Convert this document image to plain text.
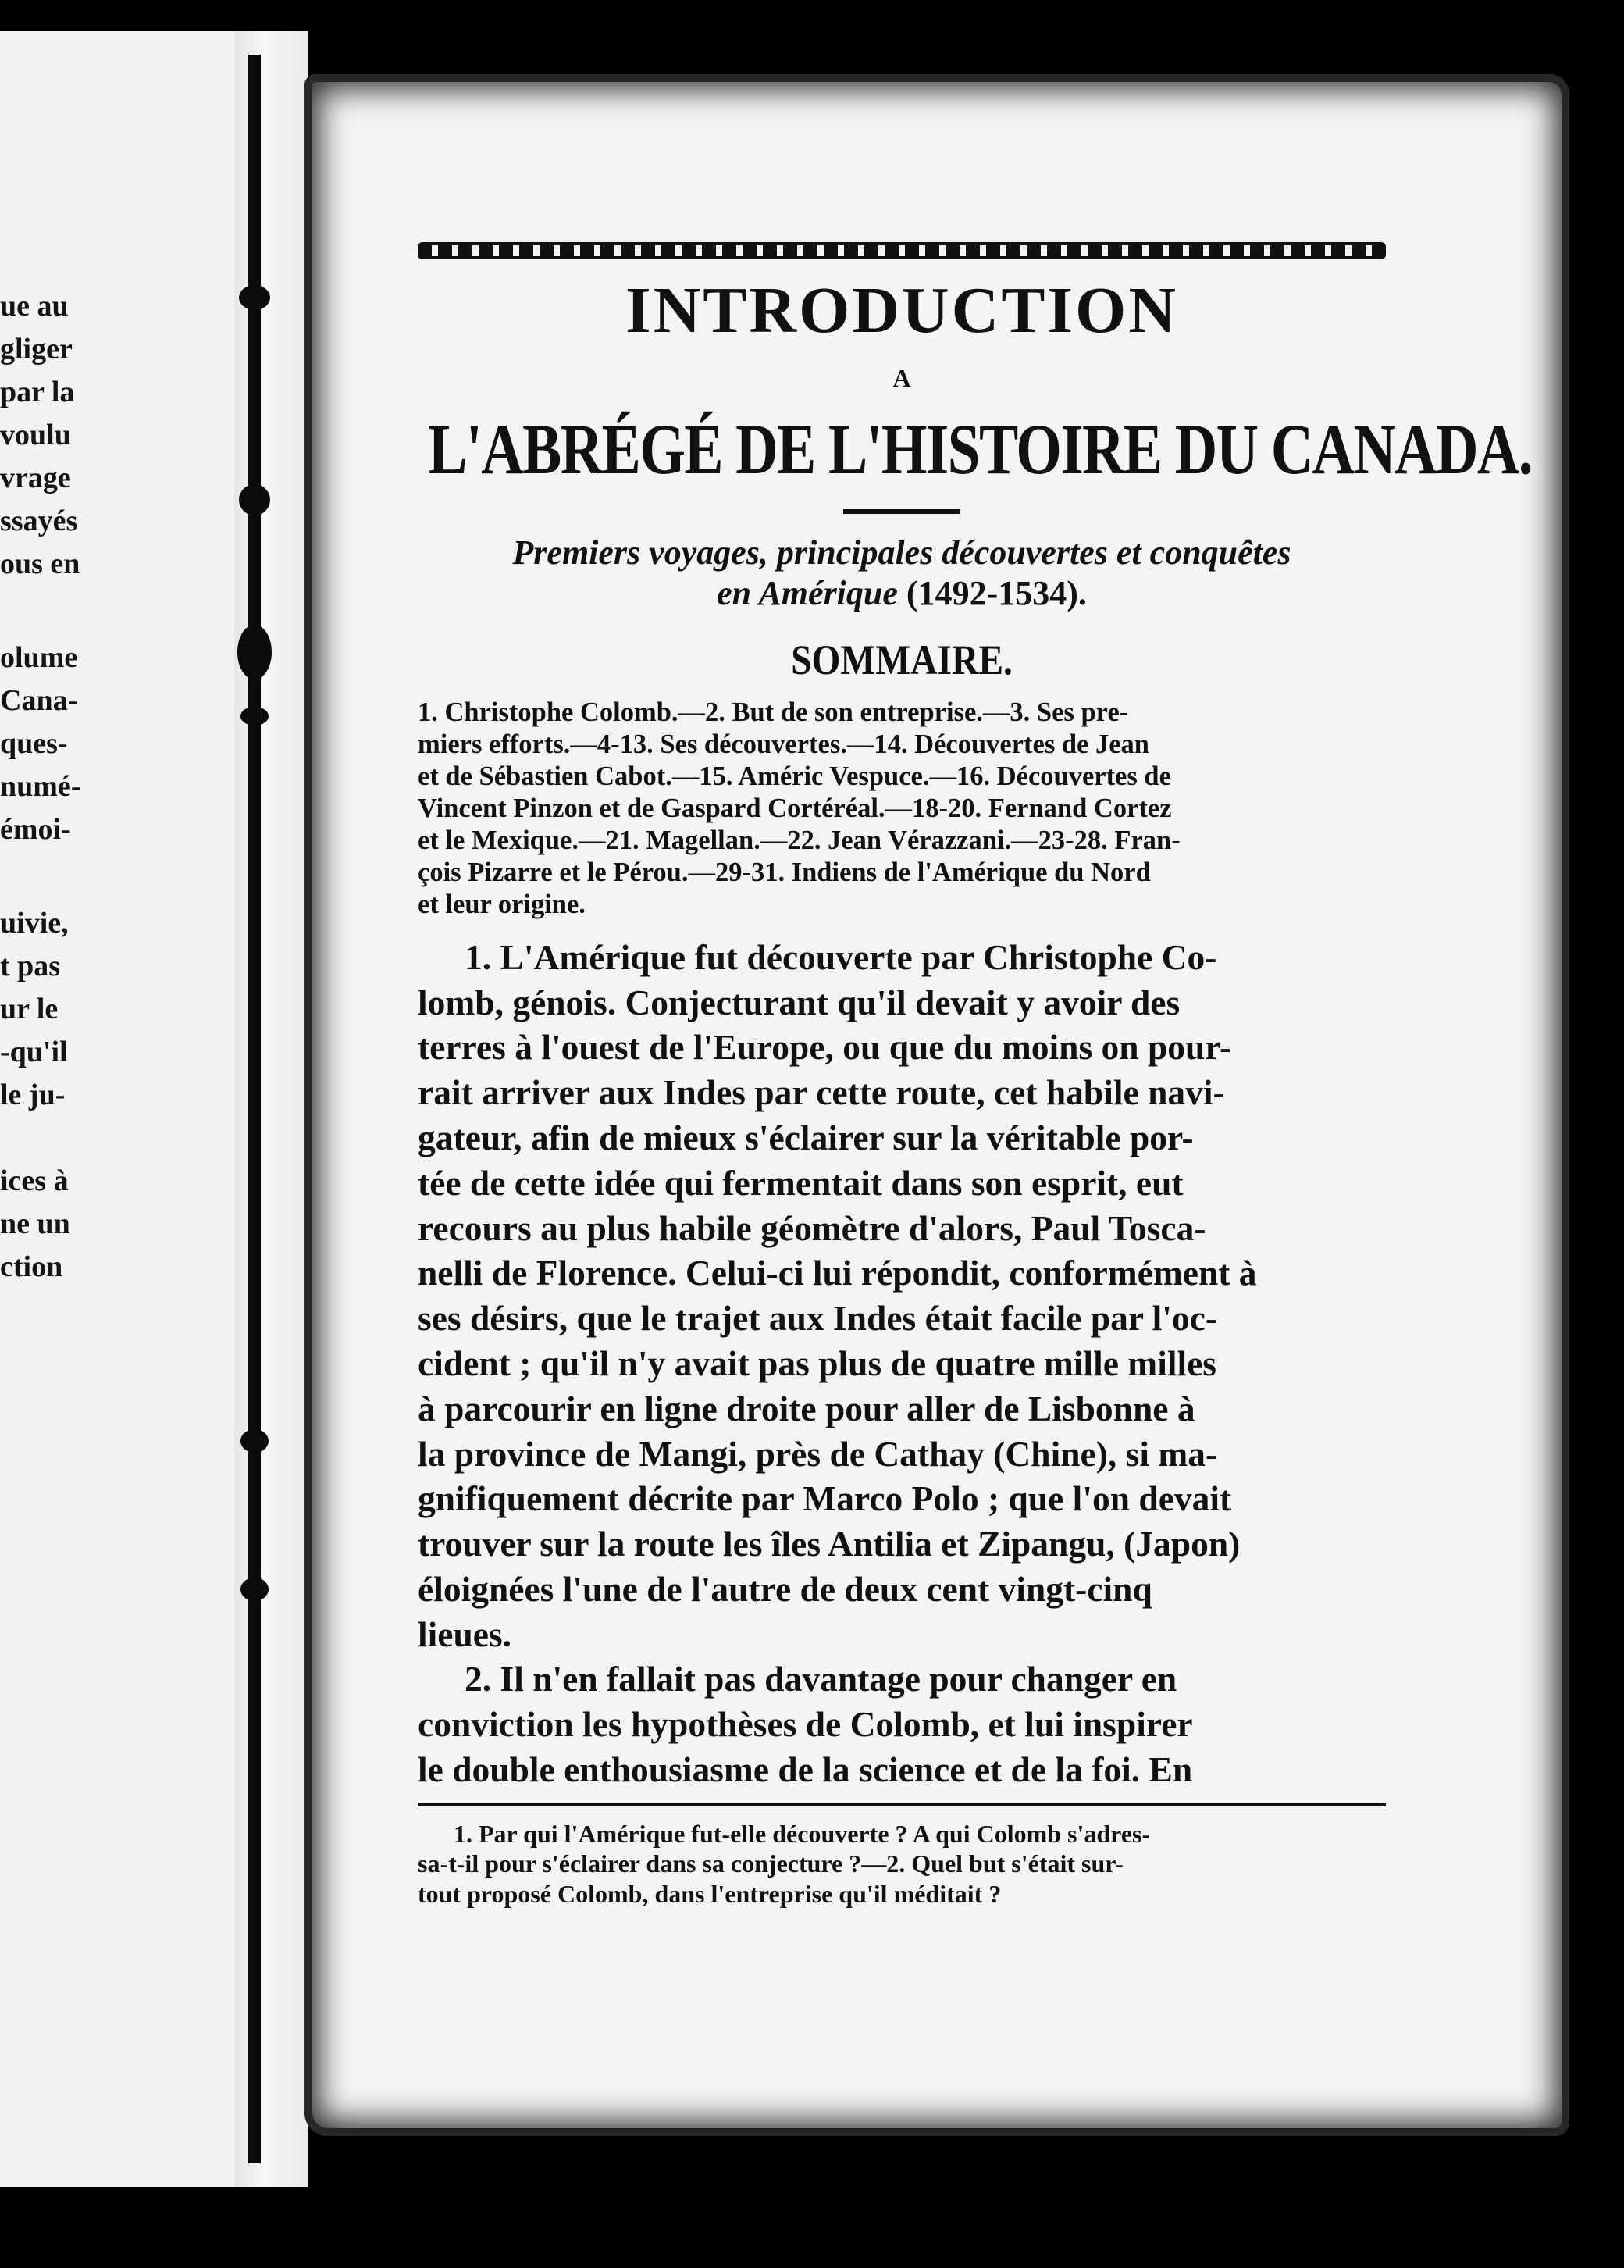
ue au
gliger
par la
voulu
vrage
ssayés
ous en
olume
Cana-
ques-
numé-
émoi-
uivie,
t pas
ur le
-qu'il
le ju-
ices à
ne un
ction
INTRODUCTION
A
L'ABRÉGÉ DE L'HISTOIRE DU CANADA.
Premiers voyages, principales découvertes et conquêtes
en Amérique (1492-1534).
SOMMAIRE.
1. Christophe Colomb.—2. But de son entreprise.—3. Ses pre-
miers efforts.—4-13. Ses découvertes.—14. Découvertes de Jean
et de Sébastien Cabot.—15. Améric Vespuce.—16. Découvertes de
Vincent Pinzon et de Gaspard Cortéréal.—18-20. Fernand Cortez
et le Mexique.—21. Magellan.—22. Jean Vérazzani.—23-28. Fran-
çois Pizarre et le Pérou.—29-31. Indiens de l'Amérique du Nord
et leur origine.
1. L'Amérique fut découverte par Christophe Co-
lomb, génois. Conjecturant qu'il devait y avoir des
terres à l'ouest de l'Europe, ou que du moins on pour-
rait arriver aux Indes par cette route, cet habile navi-
gateur, afin de mieux s'éclairer sur la véritable por-
tée de cette idée qui fermentait dans son esprit, eut
recours au plus habile géomètre d'alors, Paul Tosca-
nelli de Florence. Celui-ci lui répondit, conformément à
ses désirs, que le trajet aux Indes était facile par l'oc-
cident ; qu'il n'y avait pas plus de quatre mille milles
à parcourir en ligne droite pour aller de Lisbonne à
la province de Mangi, près de Cathay (Chine), si ma-
gnifiquement décrite par Marco Polo ; que l'on devait
trouver sur la route les îles Antilia et Zipangu, (Japon)
éloignées l'une de l'autre de deux cent vingt-cinq
lieues.
2. Il n'en fallait pas davantage pour changer en
conviction les hypothèses de Colomb, et lui inspirer
le double enthousiasme de la science et de la foi. En
1. Par qui l'Amérique fut-elle découverte ? A qui Colomb s'adres-
sa-t-il pour s'éclairer dans sa conjecture ?—2. Quel but s'était sur-
tout proposé Colomb, dans l'entreprise qu'il méditait ?
